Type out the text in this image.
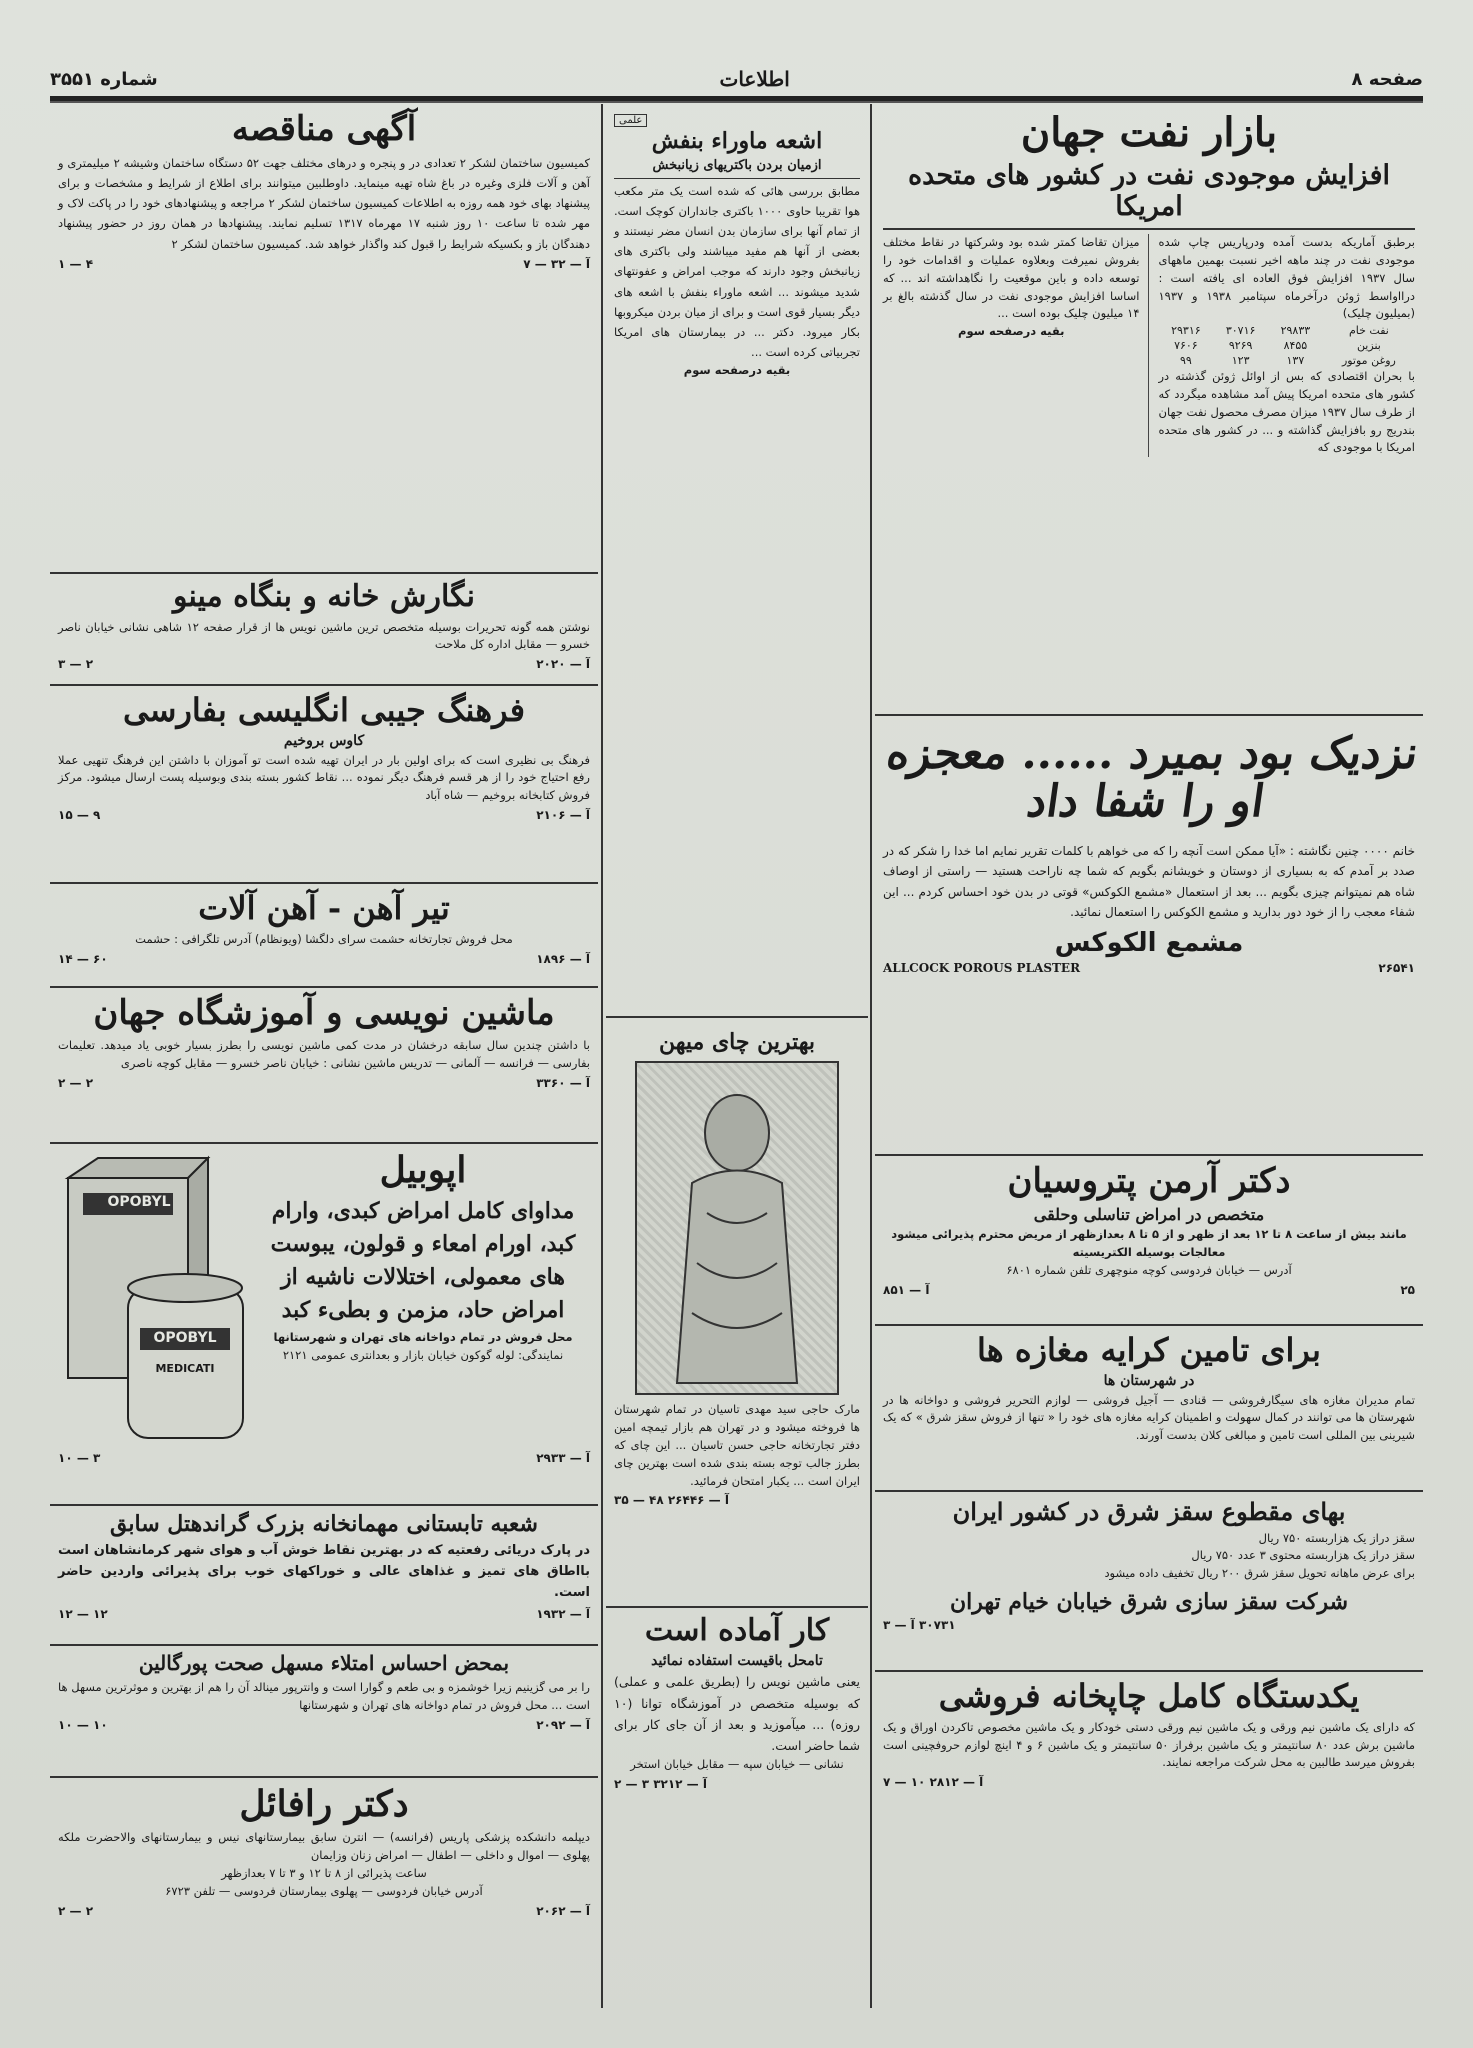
صفحه ۸
اطلاعات
شماره ۳۵۵۱
بازار نفت جهان
افزایش موجودی نفت در کشور های متحده امریکا

برطبق آماریکه بدست آمده ودرپاریس چاپ شده موجودی نفت در چند ماهه اخیر نسبت بهمین ماههای سال ۱۹۳۷ افزایش فوق العاده ای یافته است : درااواسط ژوئن درآخرماه سپتامبر ۱۹۳۸ و ۱۹۳۷ (بمیلیون چلیک)

نفت خام	۲۹۸۳۳	۳۰۷۱۶	۲۹۳۱۶
بنزین	۸۴۵۵	۹۲۶۹	۷۶۰۶
روغن موتور	۱۳۷	۱۲۳	۹۹

با بحران اقتصادی که بس از اوائل ژوئن گذشته در کشور های متحده امریکا پیش آمد مشاهده میگردد که از طرف سال ۱۹۳۷ میزان مصرف محصول نفت جهان بندریج رو بافزایش گذاشته و ... در کشور های متحده امریکا با موجودی که

میزان تقاضا کمتر شده بود وشرکتها در نقاط مختلف بفروش نمیرفت وبعلاوه عملیات و اقدامات خود را توسعه داده و باین موقعیت را نگاهداشته اند ... که اساسا افزایش موجودی نفت در سال گذشته بالغ بر ۱۴ میلیون چلیک بوده است ...

بقیه درصفحه سوم

نزدیک بود بمیرد ...... معجزه او را شفا داد

خانم ۰۰۰۰ چنین نگاشته : «آیا ممکن است آنچه را که می خواهم با کلمات تقریر نمایم اما خدا را شکر که در صدد بر آمدم که به بسیاری از دوستان و خویشانم بگویم که شما چه ناراحت هستید — راستی از اوصاف شاه هم نمیتوانم چیزی بگویم ... بعد از استعمال «مشمع الکوکس» قوتی در بدن خود احساس کردم ... این شفاء معجب را از خود دور بدارید و مشمع الکوکس را استعمال نمائید.

مشمع الکوکس
ALLCOCK POROUS PLASTER	۲۶۵۴۱
دکتر آرمن پتروسیان
متخصص در امراض تناسلی وحلقی

مانند بیش از ساعت ۸ تا ۱۲ بعد از ظهر و از ۵ تا ۸ بعدازظهر از مریض محترم پذیرائی میشود معالجات بوسیله الکتریسیته

آدرس — خیابان فردوسی کوچه منوچهری تلفن شماره ۶۸۰۱

۲۵
آ — ۸۵۱
برای تامین کرایه مغازه ها
در شهرستان ها

تمام مدیران مغازه های سیگارفروشی — قنادی — آجیل فروشی — لوازم التحریر فروشی و دواخانه ها در شهرستان ها می توانند در کمال سهولت و اطمینان کرایه مغازه های خود را « تنها از فروش سقز شرق » که یک شیرینی بین المللی است تامین و مبالغی کلان بدست آورند.

بهای مقطوع سقز شرق در کشور ایران

سقز دراز یک هزاربسته ۷۵۰ ریال

سقز دراز یک هزاربسته محتوی ۳ عدد ۷۵۰ ریال

برای عرض ماهانه تحویل سقز شرق ۲۰۰ ریال تخفیف داده میشود

شرکت سقز سازی شرق خیابان خیام تهران
۳۰۷۳۱ آ — ۳
یکدستگاه کامل چاپخانه فروشی

که دارای یک ماشین نیم ورقی و یک ماشین نیم ورقی دستی خودکار و یک ماشین مخصوص تاکردن اوراق و یک ماشین برش عدد ۸۰ سانتیمتر و یک ماشین برفراز ۵۰ سانتیمتر و یک ماشین ۶ و ۴ اینچ لوازم حروفچینی است بفروش میرسد طالبین به محل شرکت مراجعه نمایند.

آ — ۲۸۱۲ ۱۰ — ۷
علمی
اشعه ماوراء بنفش
ازمیان بردن باکتریهای زیانبخش

مطابق بررسی هائی که شده است یک متر مکعب هوا تقریبا حاوی ۱۰۰۰ باکتری جانداران کوچک است. از تمام آنها برای سازمان بدن انسان مضر نیستند و بعضی از آنها هم مفید میباشند ولی باکتری های زیانبخش وجود دارند که موجب امراض و عفونتهای شدید میشوند ... اشعه ماوراء بنفش با اشعه های دیگر بسیار قوی است و برای از میان بردن میکروبها بکار میرود. دکتر ... در بیمارستان های امریکا تجربیاتی کرده است ...

بقیه درصفحه سوم

بهترین چای میهن

مارک حاجی سید مهدی تاسیان در تمام شهرستان ها فروخته میشود و در تهران هم بازار تیمچه امین دفتر تجارتخانه حاجی حسن تاسیان ... این چای که بطرز جالب توجه بسته بندی شده است بهترین چای ایران است ... یکبار امتحان فرمائید.

آ — ۲۶۴۴۶ ۴۸ — ۳۵
کار آماده است
تامحل باقیست استفاده نمائید

یعنی ماشین نویس را (بطریق علمی و عملی) که بوسیله متخصص در آموزشگاه توانا (۱۰ روزه) ... میآموزید و بعد از آن جای کار برای شما حاضر است.

نشانی — خیابان سپه — مقابل خیابان استخر

آ — ۳۲۱۲ ۳ — ۲
آگهی مناقصه

کمیسیون ساختمان لشکر ۲ تعدادی در و پنجره و درهای مختلف جهت ۵۲ دستگاه ساختمان وشیشه ۲ میلیمتری و آهن و آلات فلزی وغیره در باغ شاه تهیه مینماید. داوطلبین میتوانند برای اطلاع از شرایط و مشخصات و برای پیشنهاد بهای خود همه روزه به اطلاعات کمیسیون ساختمان لشکر ۲ مراجعه و پیشنهادهای خود را در پاکت لاک و مهر شده تا ساعت ۱۰ روز شنبه ۱۷ مهرماه ۱۳۱۷ تسلیم نمایند. پیشنهادها در همان روز در حضور پیشنهاد دهندگان باز و بکسیکه شرایط را قبول کند واگذار خواهد شد. کمیسیون ساختمان لشکر ۲

آ — ۳۲ — ۷
۴ — ۱
نگارش خانه و بنگاه مینو

نوشتن همه گونه تحریرات بوسیله متخصص ترین ماشین نویس ها از قرار صفحه ۱۲ شاهی نشانی خیابان ناصر خسرو — مقابل اداره کل ملاحت

آ — ۲۰۲۰
۲ — ۳
فرهنگ جیبی انگلیسی بفارسی
کاوس بروخیم

فرهنگ بی نظیری است که برای اولین بار در ایران تهیه شده است تو آموزان با داشتن این فرهنگ تنهیی عملا رفع احتیاج خود را از هر قسم فرهنگ دیگر نموده ... نقاط کشور بسته بندی وبوسیله پست ارسال میشود. مرکز فروش کتابخانه بروخیم — شاه آباد

آ — ۲۱۰۶
۹ — ۱۵
تیر آهن - آهن آلات

محل فروش تجارتخانه حشمت سرای دلگشا (ویونظام) آدرس تلگرافی : حشمت

آ — ۱۸۹۶
۶۰ — ۱۴
ماشین نویسی و آموزشگاه جهان

با داشتن چندین سال سابقه درخشان در مدت کمی ماشین نویسی را بطرز بسیار خوبی یاد میدهد. تعلیمات بفارسی — فرانسه — آلمانی — تدریس ماشین نشانی : خیابان ناصر خسرو — مقابل کوچه ناصری

آ — ۳۳۶۰
۲ — ۲
اپوبیل
مداوای کامل امراض کبدی، وارام کبد، اورام امعاء و قولون، یبوست های معمولی، اختلالات ناشیه از امراض حاد، مزمن و بطیء کبد

محل فروش در تمام دواخانه های تهران و شهرستانها

نمایندگی: لوله گوکون خیابان بازار و بعدانتری عمومی ۲۱۲۱

OPOBYL
OPOBYL
MEDICATI
آ — ۲۹۳۳
۳ — ۱۰
شعبه تابستانی مهمانخانه بزرک گراندهتل سابق

در پارک دریائی رفعتیه که در بهترین نقاط خوش آب و هوای شهر کرمانشاهان است بااطاق های تمیز و غذاهای عالی و خوراکهای خوب برای پذیرائی واردین حاضر است.

آ — ۱۹۳۲
۱۲ — ۱۲
بمحض احساس امتلاء مسهل صحت پورگالین

را بر می گزینیم زیرا خوشمزه و بی طعم و گوارا است و وانترپور مینالد آن را هم از بهترین و موثرترین مسهل ها است ... محل فروش در تمام دواخانه های تهران و شهرستانها

آ — ۲۰۹۲
۱۰ — ۱۰
دکتر رافائل

دیپلمه دانشکده پزشکی پاریس (فرانسه) — انترن سابق بیمارستانهای نیس و بیمارستانهای والاحضرت ملکه پهلوی — اموال و داخلی — اطفال — امراض زنان وزایمان

ساعت پذیرائی از ۸ تا ۱۲ و ۳ تا ۷ بعدازظهر

آدرس خیابان فردوسی — پهلوی بیمارستان فردوسی — تلفن ۶۷۲۳

آ — ۲۰۶۲
۲ — ۲
